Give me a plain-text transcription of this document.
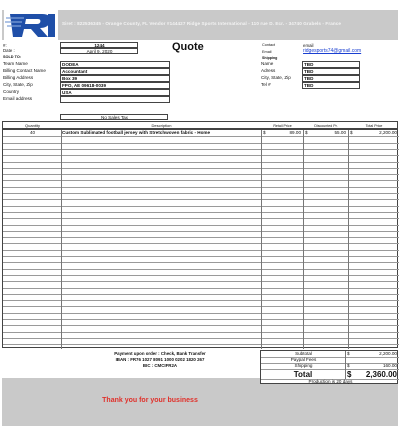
Siret : 822536345 - Orange County, FL Vendor #144427 Ridge Sports International - 110 rue D. Ecr. - 34740 Grabels - France
#:
Date :
1244
April 9, 2020
SOLD TO:
Quote
Team Name	DODEA
Billing Contact Name	Accountant
Billing Address	Box 39
City, State, Zip	FPO, AE 09618-0039
Country	USA
Email address
Contact	email
Email	ridgesports74@gmail.com
Shipping
Name	TBD
Adress	TBD
City, State, Zip	TBD
Tel #	TBD
No Sales Tax
Quantity	Description	Retail Price	Discounted Pr.	Total Price
40	Custom Sublimated football jersey with Stretchwoven fabric - Home	$	89.00 $	55.00 $	2,200.00
Payment upon order : Check, Bank Transfer
IBAN : FR76 1027 8091 1000 0202 1820 267
BIC : CMCIFR2A
Subtotal	$	2,200.00
Paypal Fees
Shipping	$	160.00
Total	$	2,360.00
Production is 20 days
Thank you for your business
